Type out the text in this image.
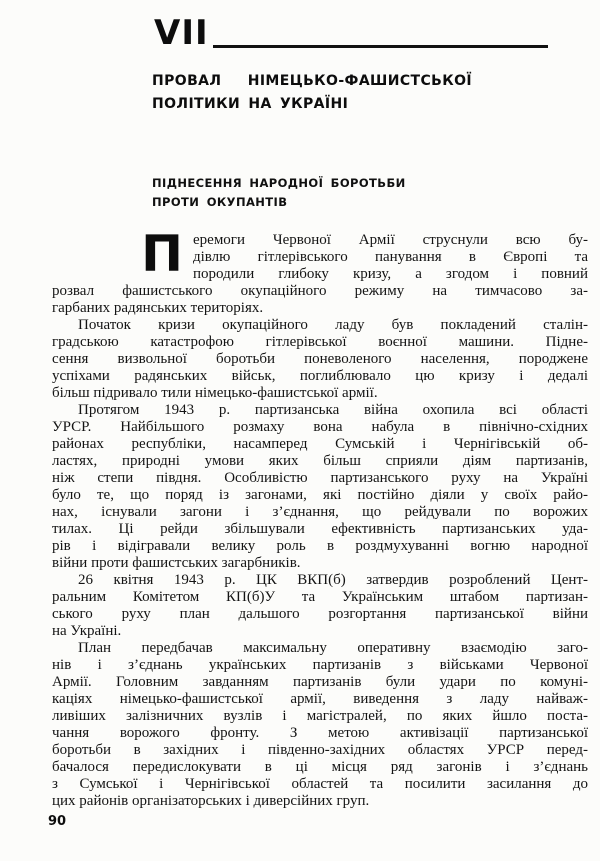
VII
ПРОВАЛ НІМЕЦЬКО-ФАШИСТСЬКОЇ
ПОЛІТИКИ НА УКРАЇНІ
ПІДНЕСЕННЯ НАРОДНОЇ БОРОТЬБИ
ПРОТИ ОКУПАНТІВ
П еремоги Червоної Армії струснули всю бу-
дівлю гітлерівського панування в Європі та
породили глибоку кризу, а згодом і повний
розвал фашистського окупаційного режиму на тимчасово за-
гарбаних радянських територіях.
Початок кризи окупаційного ладу був покладений сталін-
градською катастрофою гітлерівської воєнної машини. Підне-
сення визвольної боротьби поневоленого населення, породжене
успіхами радянських військ, поглиблювало цю кризу і дедалі
більш підривало тили німецько-фашистської армії.
Протягом 1943 р. партизанська війна охопила всі області
УРСР. Найбільшого розмаху вона набула в північно-східних
районах республіки, насамперед Сумській і Чернігівській об-
ластях, природні умови яких більш сприяли діям партизанів,
ніж степи півдня. Особливістю партизанського руху на Україні
було те, що поряд із загонами, які постійно діяли у своїх райо-
нах, існували загони і з’єднання, що рейдували по ворожих
тилах. Ці рейди збільшували ефективність партизанських уда-
рів і відігравали велику роль в роздмухуванні вогню народної
війни проти фашистських загарбників.
26 квітня 1943 р. ЦК ВКП(б) затвердив розроблений Цент-
ральним Комітетом КП(б)У та Українським штабом партизан-
ського руху план дальшого розгортання партизанської війни
на Україні.
План передбачав максимальну оперативну взаємодію заго-
нів і з’єднань українських партизанів з військами Червоної
Армії. Головним завданням партизанів були удари по комуні-
каціях німецько-фашистської армії, виведення з ладу найваж-
ливіших залізничних вузлів і магістралей, по яких йшло поста-
чання ворожого фронту. З метою активізації партизанської
боротьби в західних і південно-західних областях УРСР перед-
бачалося передислокувати в ці місця ряд загонів і з’єднань
з Сумської і Чернігівської областей та посилити засилання до
цих районів організаторських і диверсійних груп.
90
